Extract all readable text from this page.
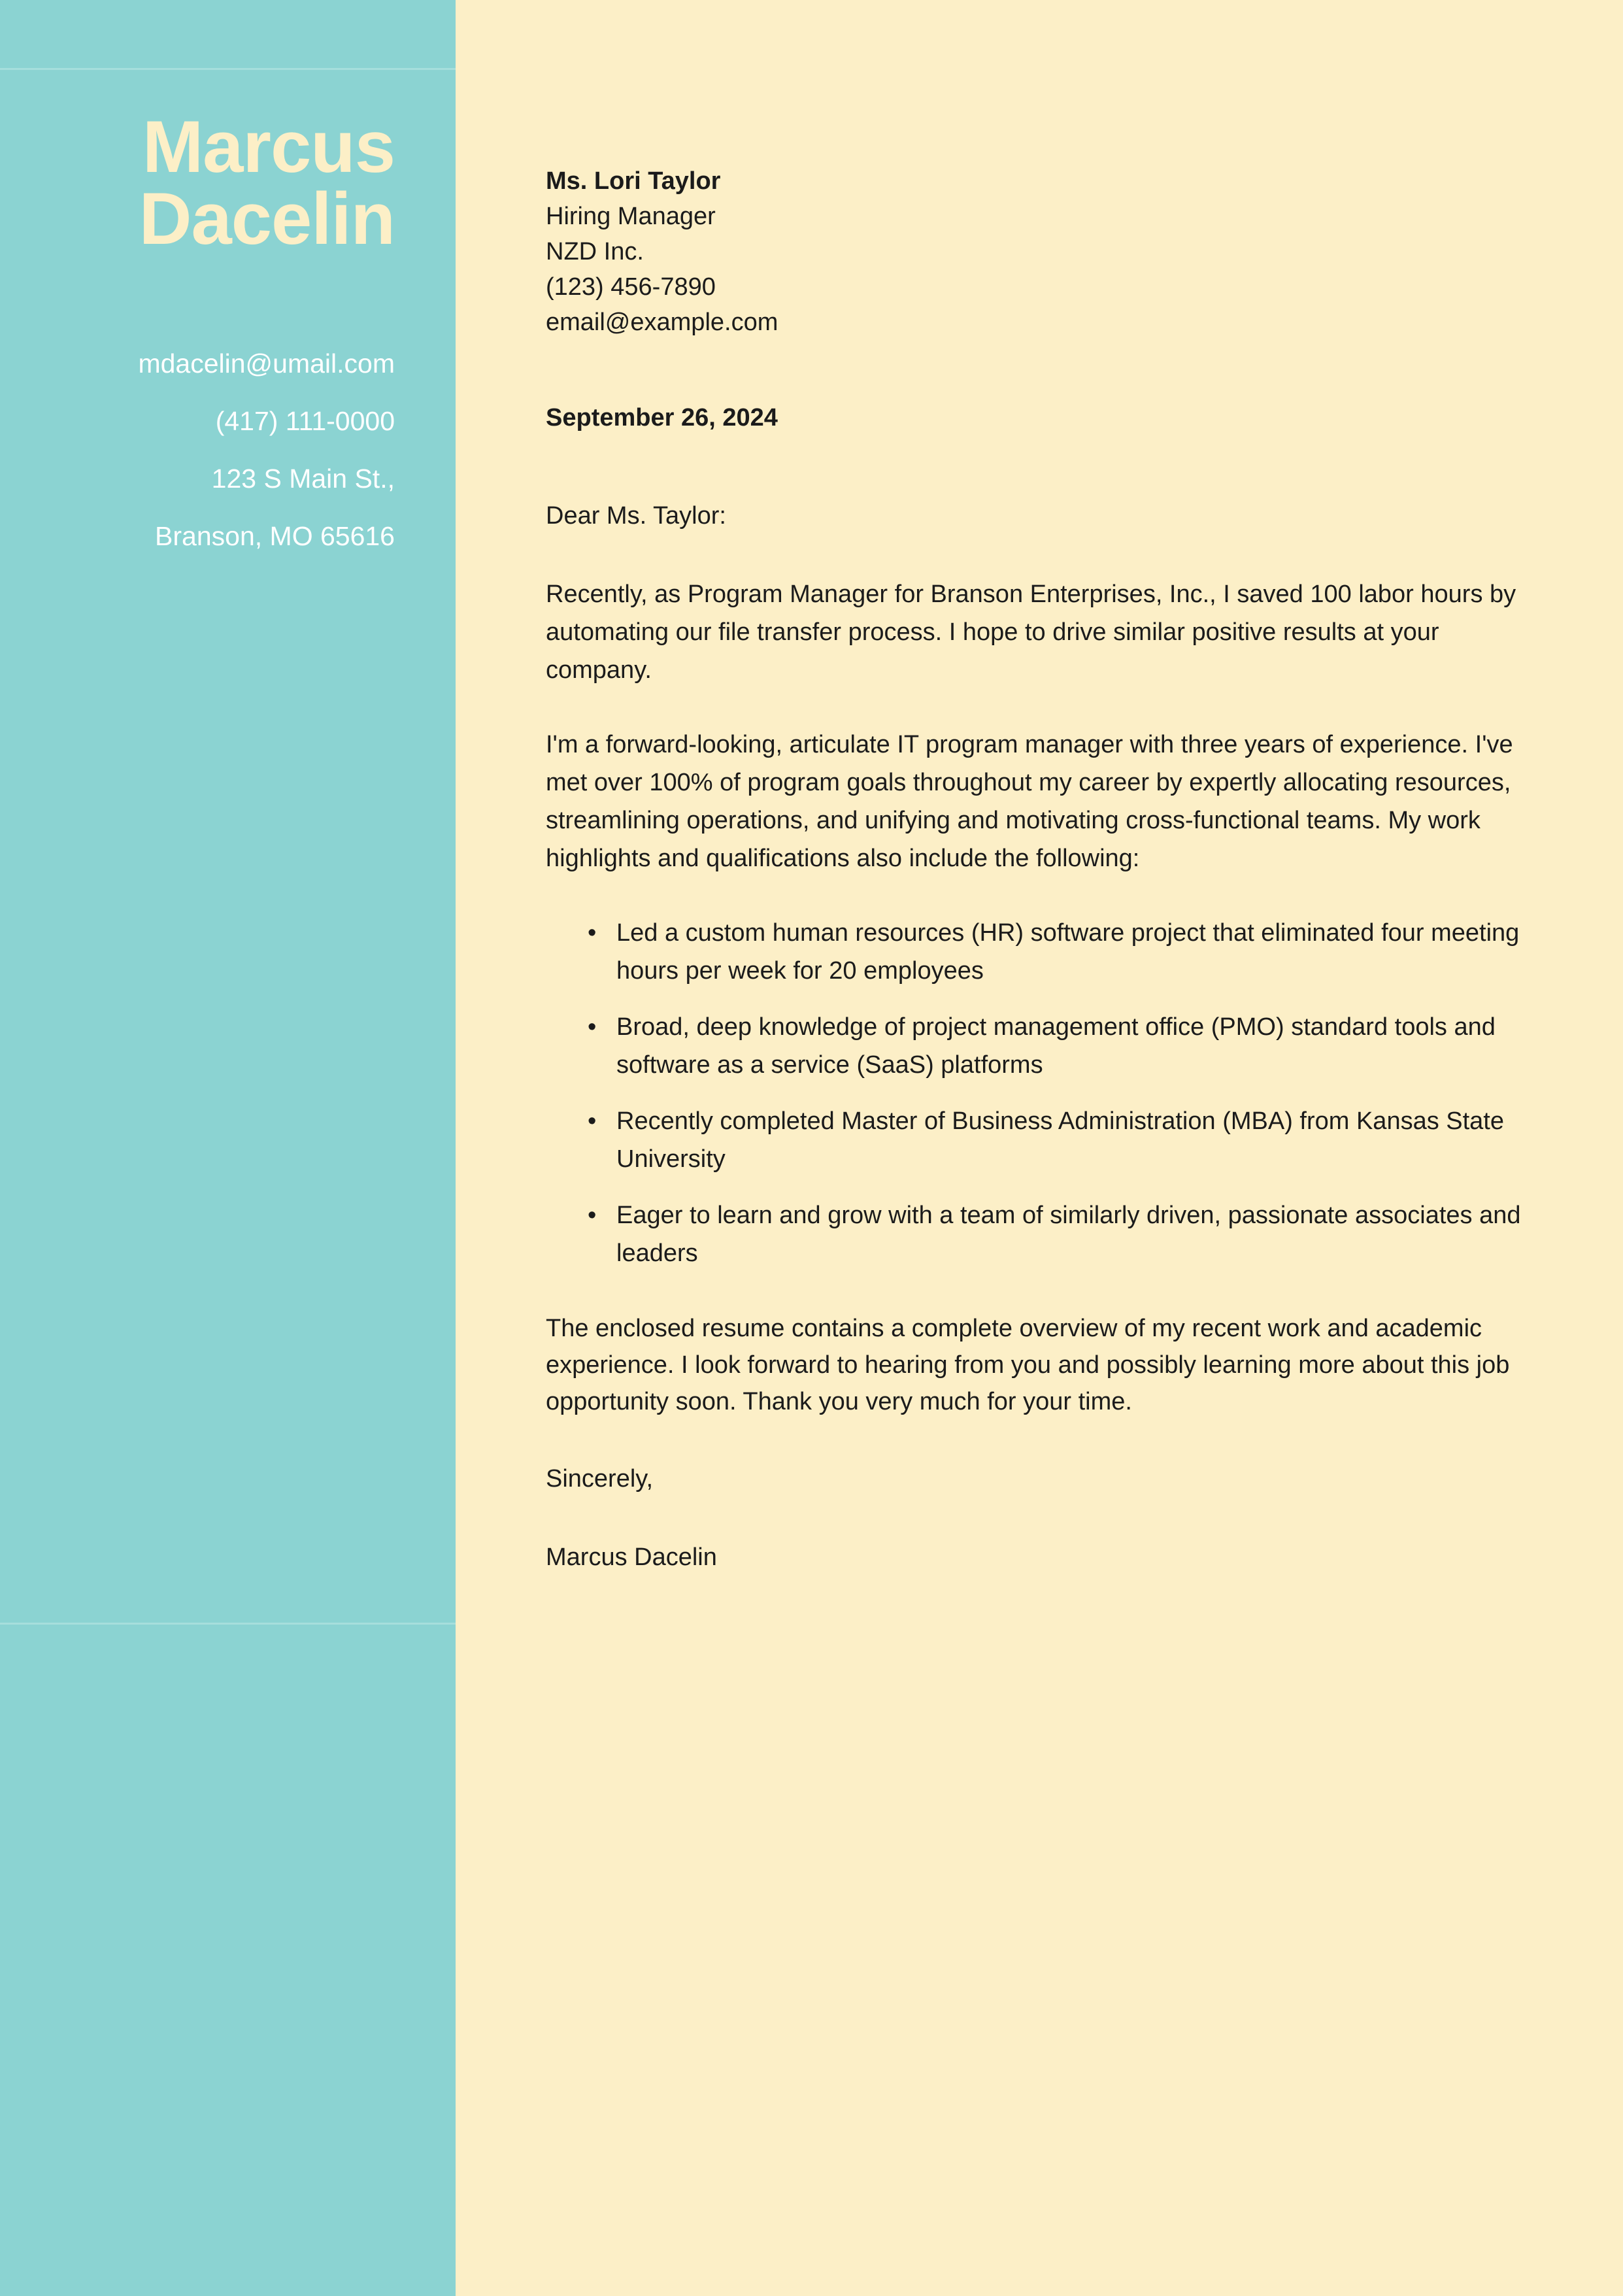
Marcus
Dacelin
mdacelin@umail.com
(417) 111-0000
123 S Main St.,
Branson, MO 65616
Ms. Lori Taylor
Hiring Manager
NZD Inc.
(123) 456-7890
email@example.com
September 26, 2024
Dear Ms. Taylor:

Recently, as Program Manager for Branson Enterprises, Inc., I saved 100 labor hours by automating our file transfer process. I hope to drive similar positive results at your company.

I'm a forward-looking, articulate IT program manager with three years of experience. I've met over 100% of program goals throughout my career by expertly allocating resources, streamlining operations, and unifying and motivating cross-functional teams. My work highlights and qualifications also include the following:

• Led a custom human resources (HR) software project that eliminated four meeting hours per week for 20 employees
• Broad, deep knowledge of project management office (PMO) standard tools and software as a service (SaaS) platforms
• Recently completed Master of Business Administration (MBA) from Kansas State University
• Eager to learn and grow with a team of similarly driven, passionate associates and leaders

The enclosed resume contains a complete overview of my recent work and academic experience. I look forward to hearing from you and possibly learning more about this job opportunity soon. Thank you very much for your time.

Sincerely,

Marcus Dacelin
